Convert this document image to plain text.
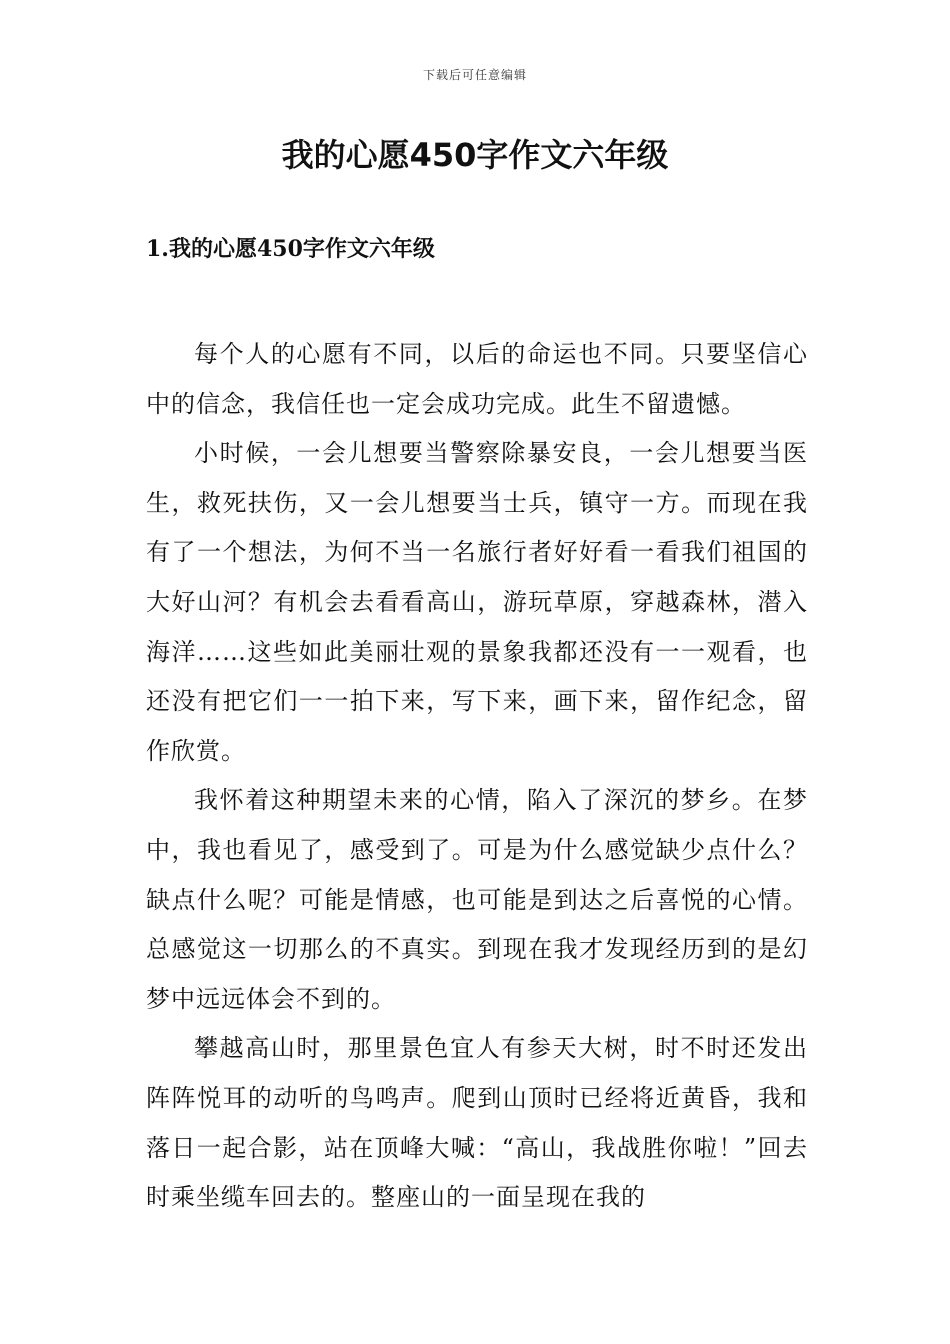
下载后可任意编辑
我的心愿450字作文六年级
1.我的心愿450字作文六年级

每个人的心愿有不同，以后的命运也不同。只要坚信心中的信念，我信任也一定会成功完成。此生不留遗憾。

小时候，一会儿想要当警察除暴安良，一会儿想要当医生，救死扶伤，又一会儿想要当士兵，镇守一方。而现在我有了一个想法，为何不当一名旅行者好好看一看我们祖国的大好山河？有机会去看看高山，游玩草原，穿越森林，潜入海洋……这些如此美丽壮观的景象我都还没有一一观看，也还没有把它们一一拍下来，写下来，画下来，留作纪念，留作欣赏。

我怀着这种期望未来的心情，陷入了深沉的梦乡。在梦中，我也看见了，感受到了。可是为什么感觉缺少点什么？缺点什么呢？可能是情感，也可能是到达之后喜悦的心情。总感觉这一切那么的不真实。到现在我才发现经历到的是幻梦中远远体会不到的。

攀越高山时，那里景色宜人有参天大树，时不时还发出阵阵悦耳的动听的鸟鸣声。爬到山顶时已经将近黄昏，我和落日一起合影，站在顶峰大喊：“高山，我战胜你啦！”回去时乘坐缆车回去的。整座山的一面呈现在我的
